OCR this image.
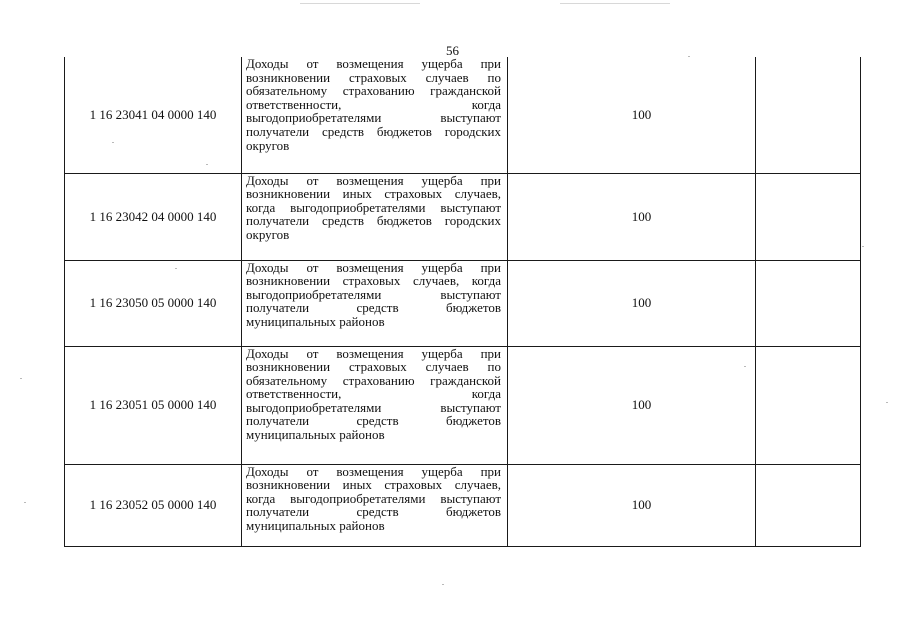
56
1 16 23041 04 0000 140	Доходы от возмещения ущерба при возникновении страховых случаев по обязательному страхованию гражданской ответственности, когда выгодоприобретателями выступают получатели средств бюджетов городских округов	100	
1 16 23042 04 0000 140	Доходы от возмещения ущерба при возникновении иных страховых случаев, когда выгодоприобретателями выступают получатели средств бюджетов городских округов	100	
1 16 23050 05 0000 140	Доходы от возмещения ущерба при возникновении страховых случаев, когда выгодоприобретателями выступают получатели средств бюджетов муниципальных районов	100	
1 16 23051 05 0000 140	Доходы от возмещения ущерба при возникновении страховых случаев по обязательному страхованию гражданской ответственности, когда выгодоприобретателями выступают получатели средств бюджетов муниципальных районов	100	
1 16 23052 05 0000 140	Доходы от возмещения ущерба при возникновении иных страховых случаев, когда выгодоприобретателями выступают получатели средств бюджетов муниципальных районов	100	
